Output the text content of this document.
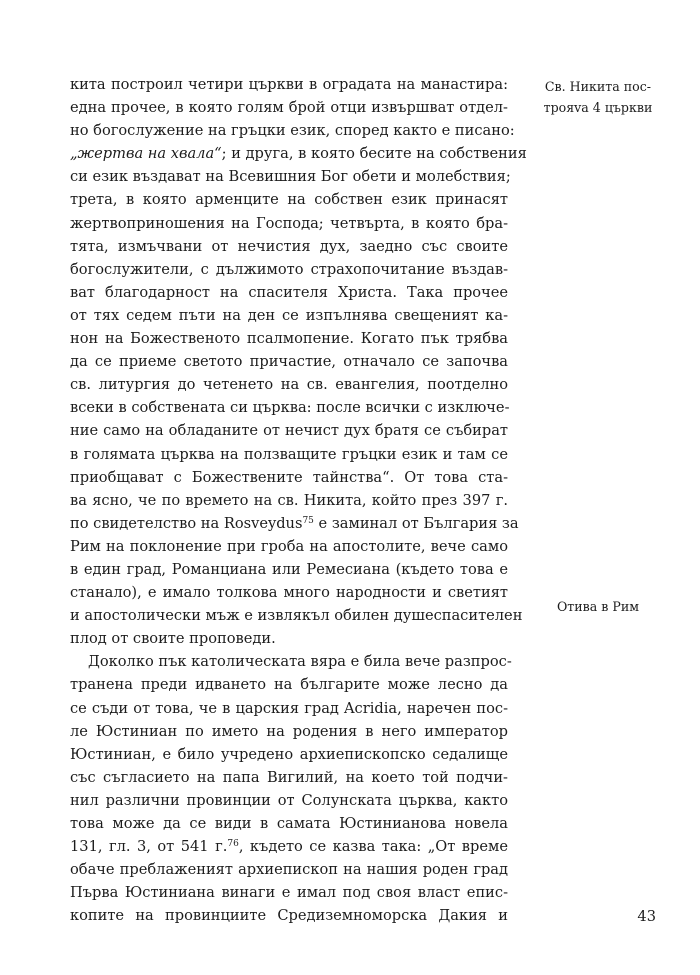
кита построил четири църкви в оградата на манастира:
една прочее, в която голям брой отци извършват отдел-
но богослужение на гръцки език, според както е писано:
„жертва на хвала“; и друга, в която бесите на собствения
си език въздават на Всевишния Бог обети и молебствия;
трета, в която арменците на собствен език принасят
жертвоприношения на Господа; четвърта, в която бра-
тята, измъчвани от нечистия дух, заедно със своите
богослужители, с дължимото страхопочитание въздав-
ват благодарност на спасителя Христа. Така прочее
от тях седем пъти на ден се изпълнява свещеният ка-
нон на Божественото псалмопение. Когато пък трябва
да се приеме светото причастие, отначало се започва
св. литургия до четенето на св. евангелия, поотделно
всеки в собствената си църква: после всички с изключе-
ние само на обладаните от нечист дух братя се събират
в голямата църква на ползващите гръцки език и там се
приобщават с Божествените тайнства“. От това ста-
ва ясно, че по времето на св. Никита, който през 397 г.
по свидетелство на Rosveydus$^{75}$ е заминал от България за
Рим на поклонение при гроба на апостолите, вече само
в един град, Романциана или Ремесиана (където това е
станало), е имало толкова много народности и светият
и апостолически мъж е извлякъл обилен душеспасителен
плод от своите проповеди.
Доколко пък католическата вяра е била вече разпрос-
транена преди идването на българите може лесно да
се съди от това, че в царския град Acridia, наречен пос-
ле Юстиниан по името на родения в него император
Юстиниан, е било учредено архиепископско седалище
със съгласието на папа Вигилий, на което той подчи-
нил различни провинции от Солунската църква, както
това може да се види в самата Юстинианова новела
131, гл. 3, от 541 г.$^{76}$, където се казва така: „От време
обаче преблаженият архиепископ на нашия роден град
Първа Юстиниана винаги е имал под своя власт епис-
копите на провинциите Средиземноморска Дакия и
Св. Никита пос-
трояva 4 църкви
Отива в Рим
43
